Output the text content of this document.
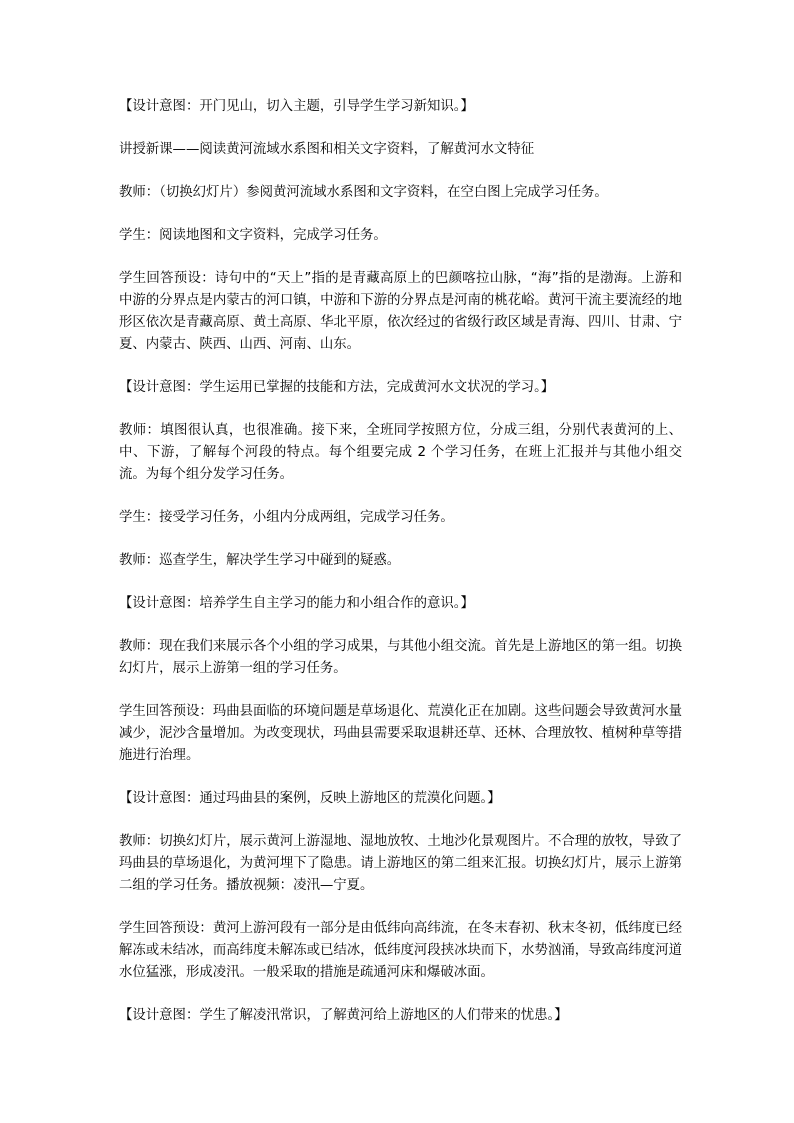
【设计意图：开门见山，切入主题，引导学生学习新知识。】

讲授新课——阅读黄河流域水系图和相关文字资料，了解黄河水文特征

教师：（切换幻灯片）参阅黄河流域水系图和文字资料，在空白图上完成学习任务。

学生：阅读地图和文字资料，完成学习任务。

学生回答预设：诗句中的“天上”指的是青藏高原上的巴颜喀拉山脉，“海”指的是渤海。上游和中游的分界点是内蒙古的河口镇，中游和下游的分界点是河南的桃花峪。黄河干流主要流经的地形区依次是青藏高原、黄土高原、华北平原，依次经过的省级行政区域是青海、四川、甘肃、宁夏、内蒙古、陕西、山西、河南、山东。

【设计意图：学生运用已掌握的技能和方法，完成黄河水文状况的学习。】

教师：填图很认真，也很准确。接下来，全班同学按照方位，分成三组，分别代表黄河的上、中、下游，了解每个河段的特点。每个组要完成 2 个学习任务，在班上汇报并与其他小组交流。为每个组分发学习任务。

学生：接受学习任务，小组内分成两组，完成学习任务。

教师：巡查学生，解决学生学习中碰到的疑惑。

【设计意图：培养学生自主学习的能力和小组合作的意识。】

教师：现在我们来展示各个小组的学习成果，与其他小组交流。首先是上游地区的第一组。切换幻灯片，展示上游第一组的学习任务。

学生回答预设：玛曲县面临的环境问题是草场退化、荒漠化正在加剧。这些问题会导致黄河水量减少，泥沙含量增加。为改变现状，玛曲县需要采取退耕还草、还林、合理放牧、植树种草等措施进行治理。

【设计意图：通过玛曲县的案例，反映上游地区的荒漠化问题。】

教师：切换幻灯片，展示黄河上游湿地、湿地放牧、土地沙化景观图片。不合理的放牧，导致了玛曲县的草场退化，为黄河埋下了隐患。请上游地区的第二组来汇报。切换幻灯片，展示上游第二组的学习任务。播放视频：凌汛—宁夏。

学生回答预设：黄河上游河段有一部分是由低纬向高纬流，在冬末春初、秋末冬初，低纬度已经解冻或未结冰，而高纬度未解冻或已结冰，低纬度河段挟冰块而下，水势汹涌，导致高纬度河道水位猛涨，形成凌汛。一般采取的措施是疏通河床和爆破冰面。

【设计意图：学生了解凌汛常识，了解黄河给上游地区的人们带来的忧患。】
